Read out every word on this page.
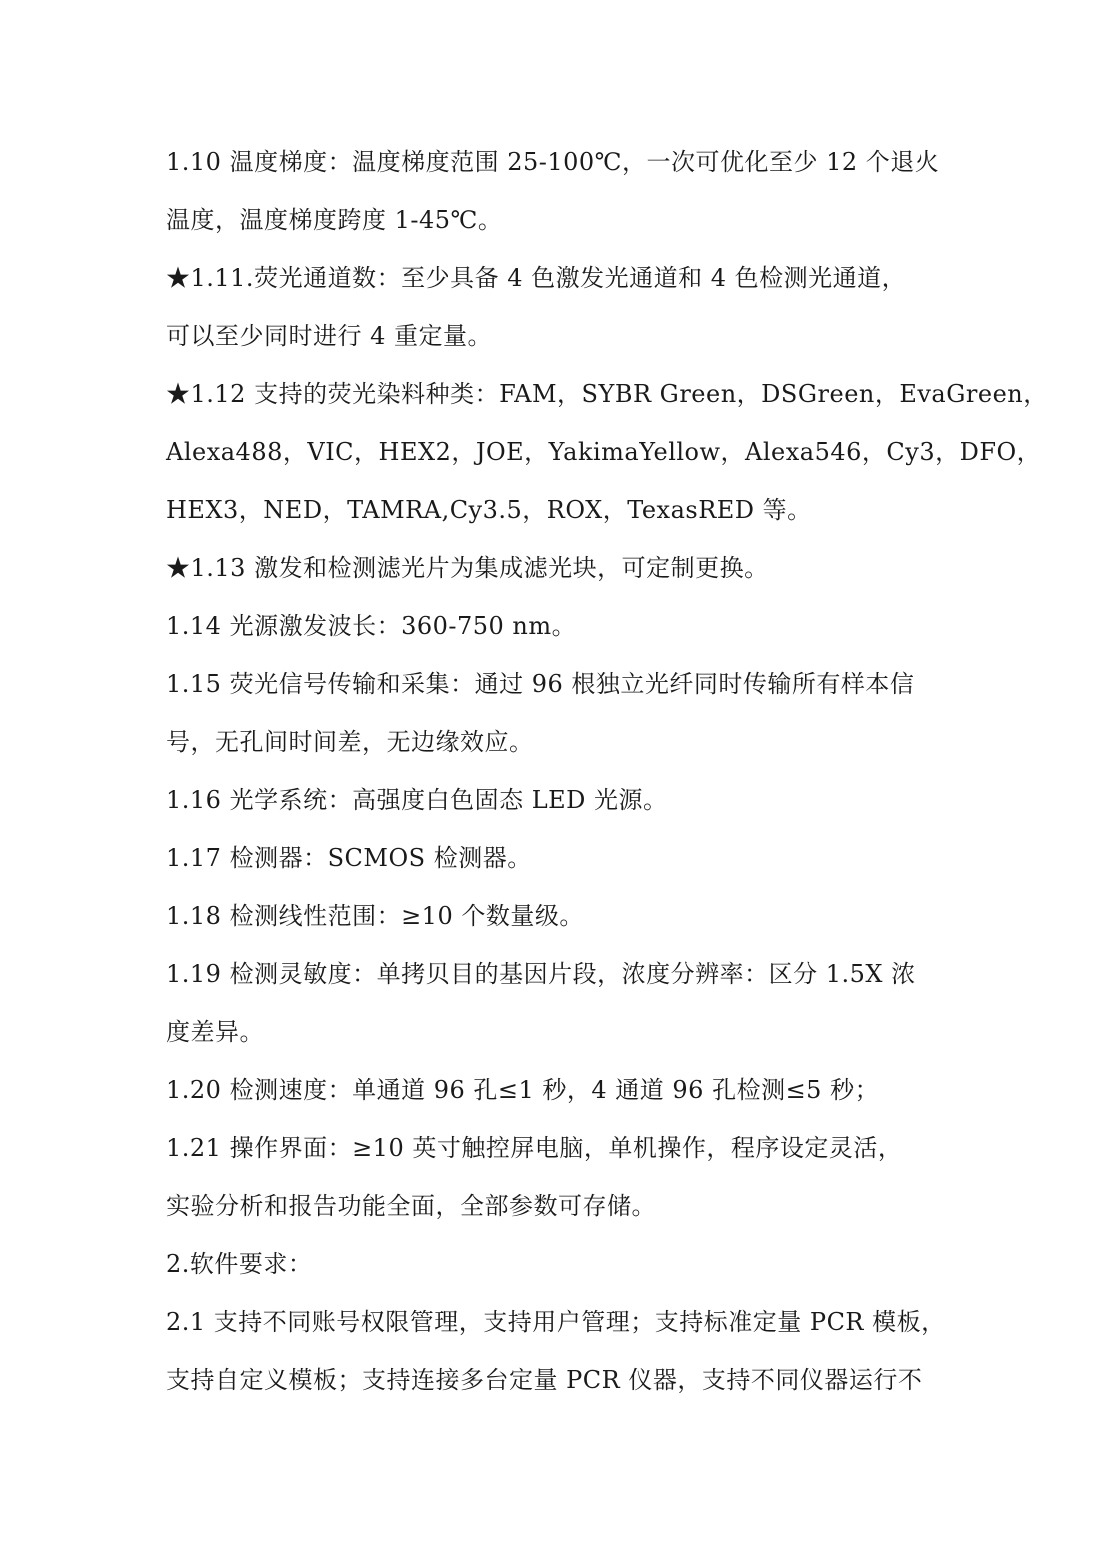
1.10 温度梯度：温度梯度范围 25-100℃，一次可优化至少 12 个退火
温度，温度梯度跨度 1-45℃。
★1.11.荧光通道数：至少具备 4 色激发光通道和 4 色检测光通道，
可以至少同时进行 4 重定量。
★1.12 支持的荧光染料种类：FAM，SYBR Green，DSGreen，EvaGreen，
Alexa488，VIC，HEX2，JOE，YakimaYellow，Alexa546，Cy3，DFO，
HEX3，NED，TAMRA,Cy3.5，ROX，TexasRED 等。
★1.13 激发和检测滤光片为集成滤光块，可定制更换。
1.14 光源激发波长：360-750 nm。
1.15 荧光信号传输和采集：通过 96 根独立光纤同时传输所有样本信
号，无孔间时间差，无边缘效应。
1.16 光学系统：高强度白色固态 LED 光源。
1.17 检测器：SCMOS 检测器。
1.18 检测线性范围：≥10 个数量级。
1.19 检测灵敏度：单拷贝目的基因片段，浓度分辨率：区分 1.5X 浓
度差异。
1.20 检测速度：单通道 96 孔≤1 秒，4 通道 96 孔检测≤5 秒；
1.21 操作界面：≥10 英寸触控屏电脑，单机操作，程序设定灵活，
实验分析和报告功能全面，全部参数可存储。
2.软件要求：
2.1 支持不同账号权限管理，支持用户管理；支持标准定量 PCR 模板，
支持自定义模板；支持连接多台定量 PCR 仪器，支持不同仪器运行不
